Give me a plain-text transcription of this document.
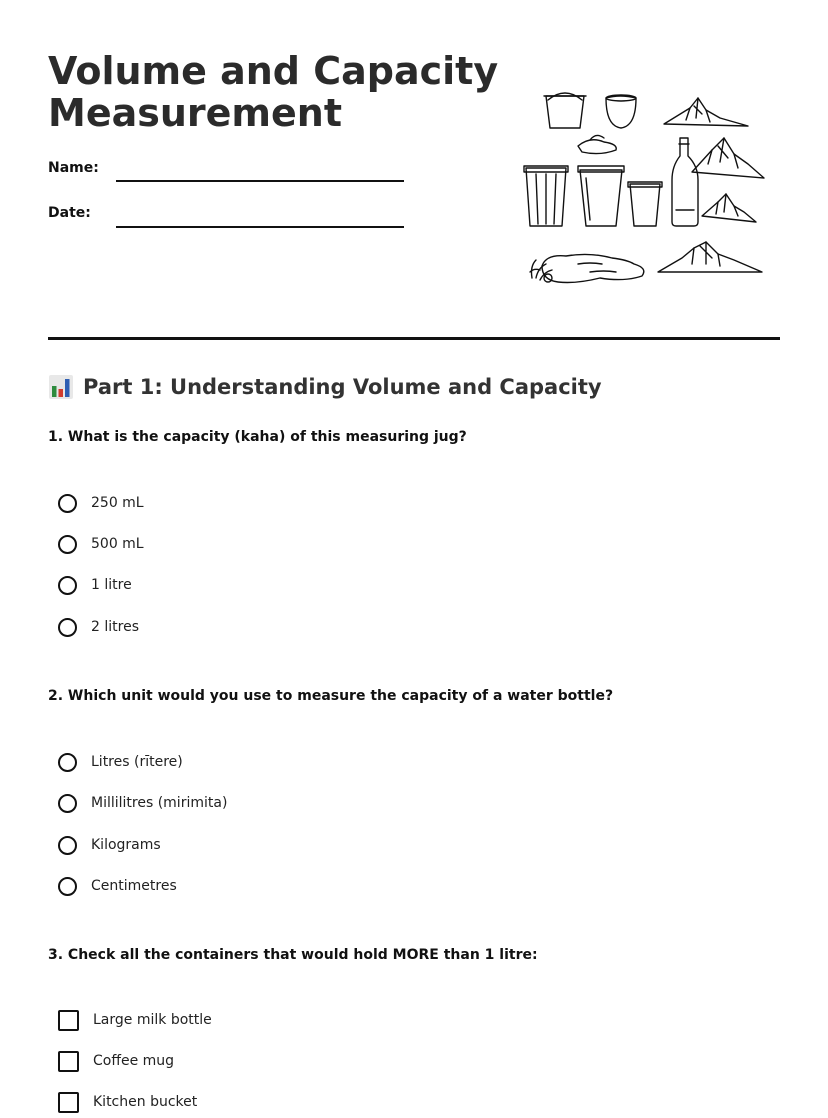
Volume and Capacity
Measurement
Name:
Date:
Part 1: Understanding Volume and Capacity

1. What is the capacity (kaha) of this measuring jug?

250 mL
500 mL
1 litre
2 litres

2. Which unit would you use to measure the capacity of a water bottle?

Litres (rītere)
Millilitres (mirimita)
Kilograms
Centimetres

3. Check all the containers that would hold MORE than 1 litre:

Large milk bottle
Coffee mug
Kitchen bucket
